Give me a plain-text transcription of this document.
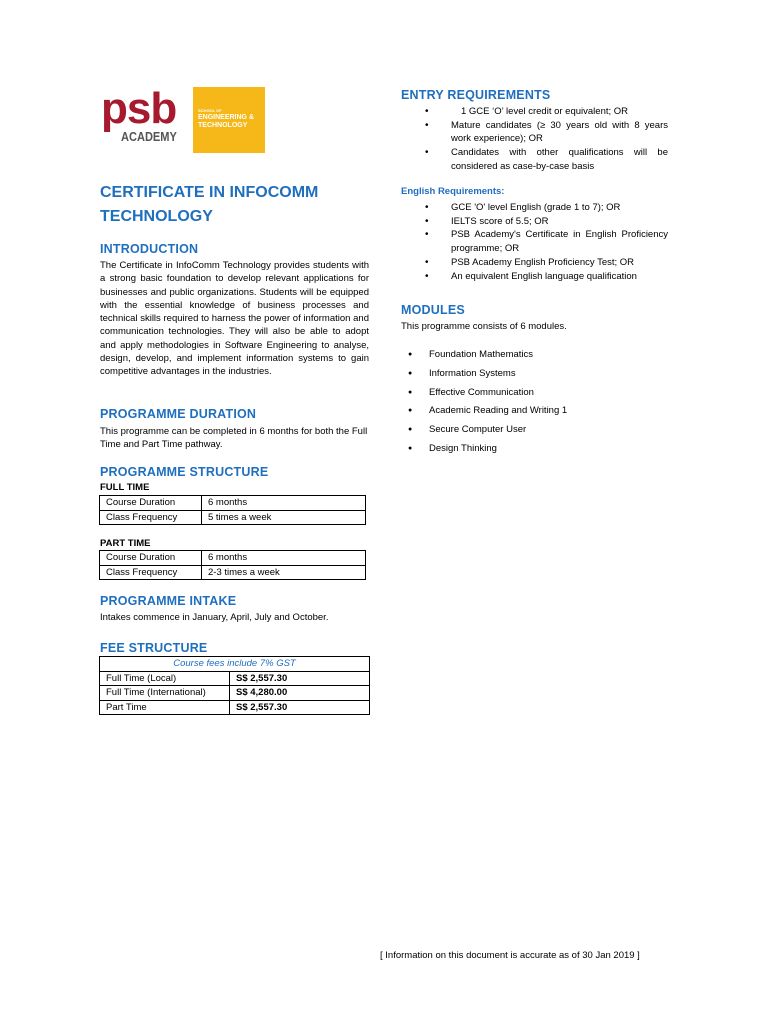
psb
ACADEMY
SCHOOL OF
ENGINEERING &
TECHNOLOGY
CERTIFICATE IN INFOCOMM TECHNOLOGY
INTRODUCTION
The Certificate in InfoComm Technology provides students with a strong basic foundation to develop relevant applications for businesses and public organizations. Students will be equipped with the essential knowledge of business processes and technical skills required to harness the power of information and communication technologies. They will also be able to adopt and apply methodologies in Software Engineering to analyse, design, develop, and implement information systems to gain competitive advantages in the industries.
PROGRAMME DURATION
This programme can be completed in 6 months for both the Full Time and Part Time pathway.
PROGRAMME STRUCTURE
FULL TIME
Course Duration	6 months
Class Frequency	5 times a week
PART TIME
Course Duration	6 months
Class Frequency	2-3 times a week
PROGRAMME INTAKE
Intakes commence in January, April, July and October.
FEE STRUCTURE
Course fees include 7% GST	
Full Time (Local)	S$ 2,557.30
Full Time (International)	S$ 4,280.00
Part Time	S$ 2,557.30
ENTRY REQUIREMENTS
• 1 GCE ‘O’ level credit or equivalent; OR
• Mature candidates (≥ 30 years old with 8 years work experience); OR
• Candidates with other qualifications will be considered as case-by-case basis
English Requirements:
• GCE 'O' level English (grade 1 to 7); OR
• IELTS score of 5.5; OR
• PSB Academy's Certificate in English Proficiency programme; OR
• PSB Academy English Proficiency Test; OR
• An equivalent English language qualification
MODULES
This programme consists of 6 modules.
● Foundation Mathematics
● Information Systems
● Effective Communication
● Academic Reading and Writing 1
● Secure Computer User
● Design Thinking
[ Information on this document is accurate as of 30 Jan 2019 ]
